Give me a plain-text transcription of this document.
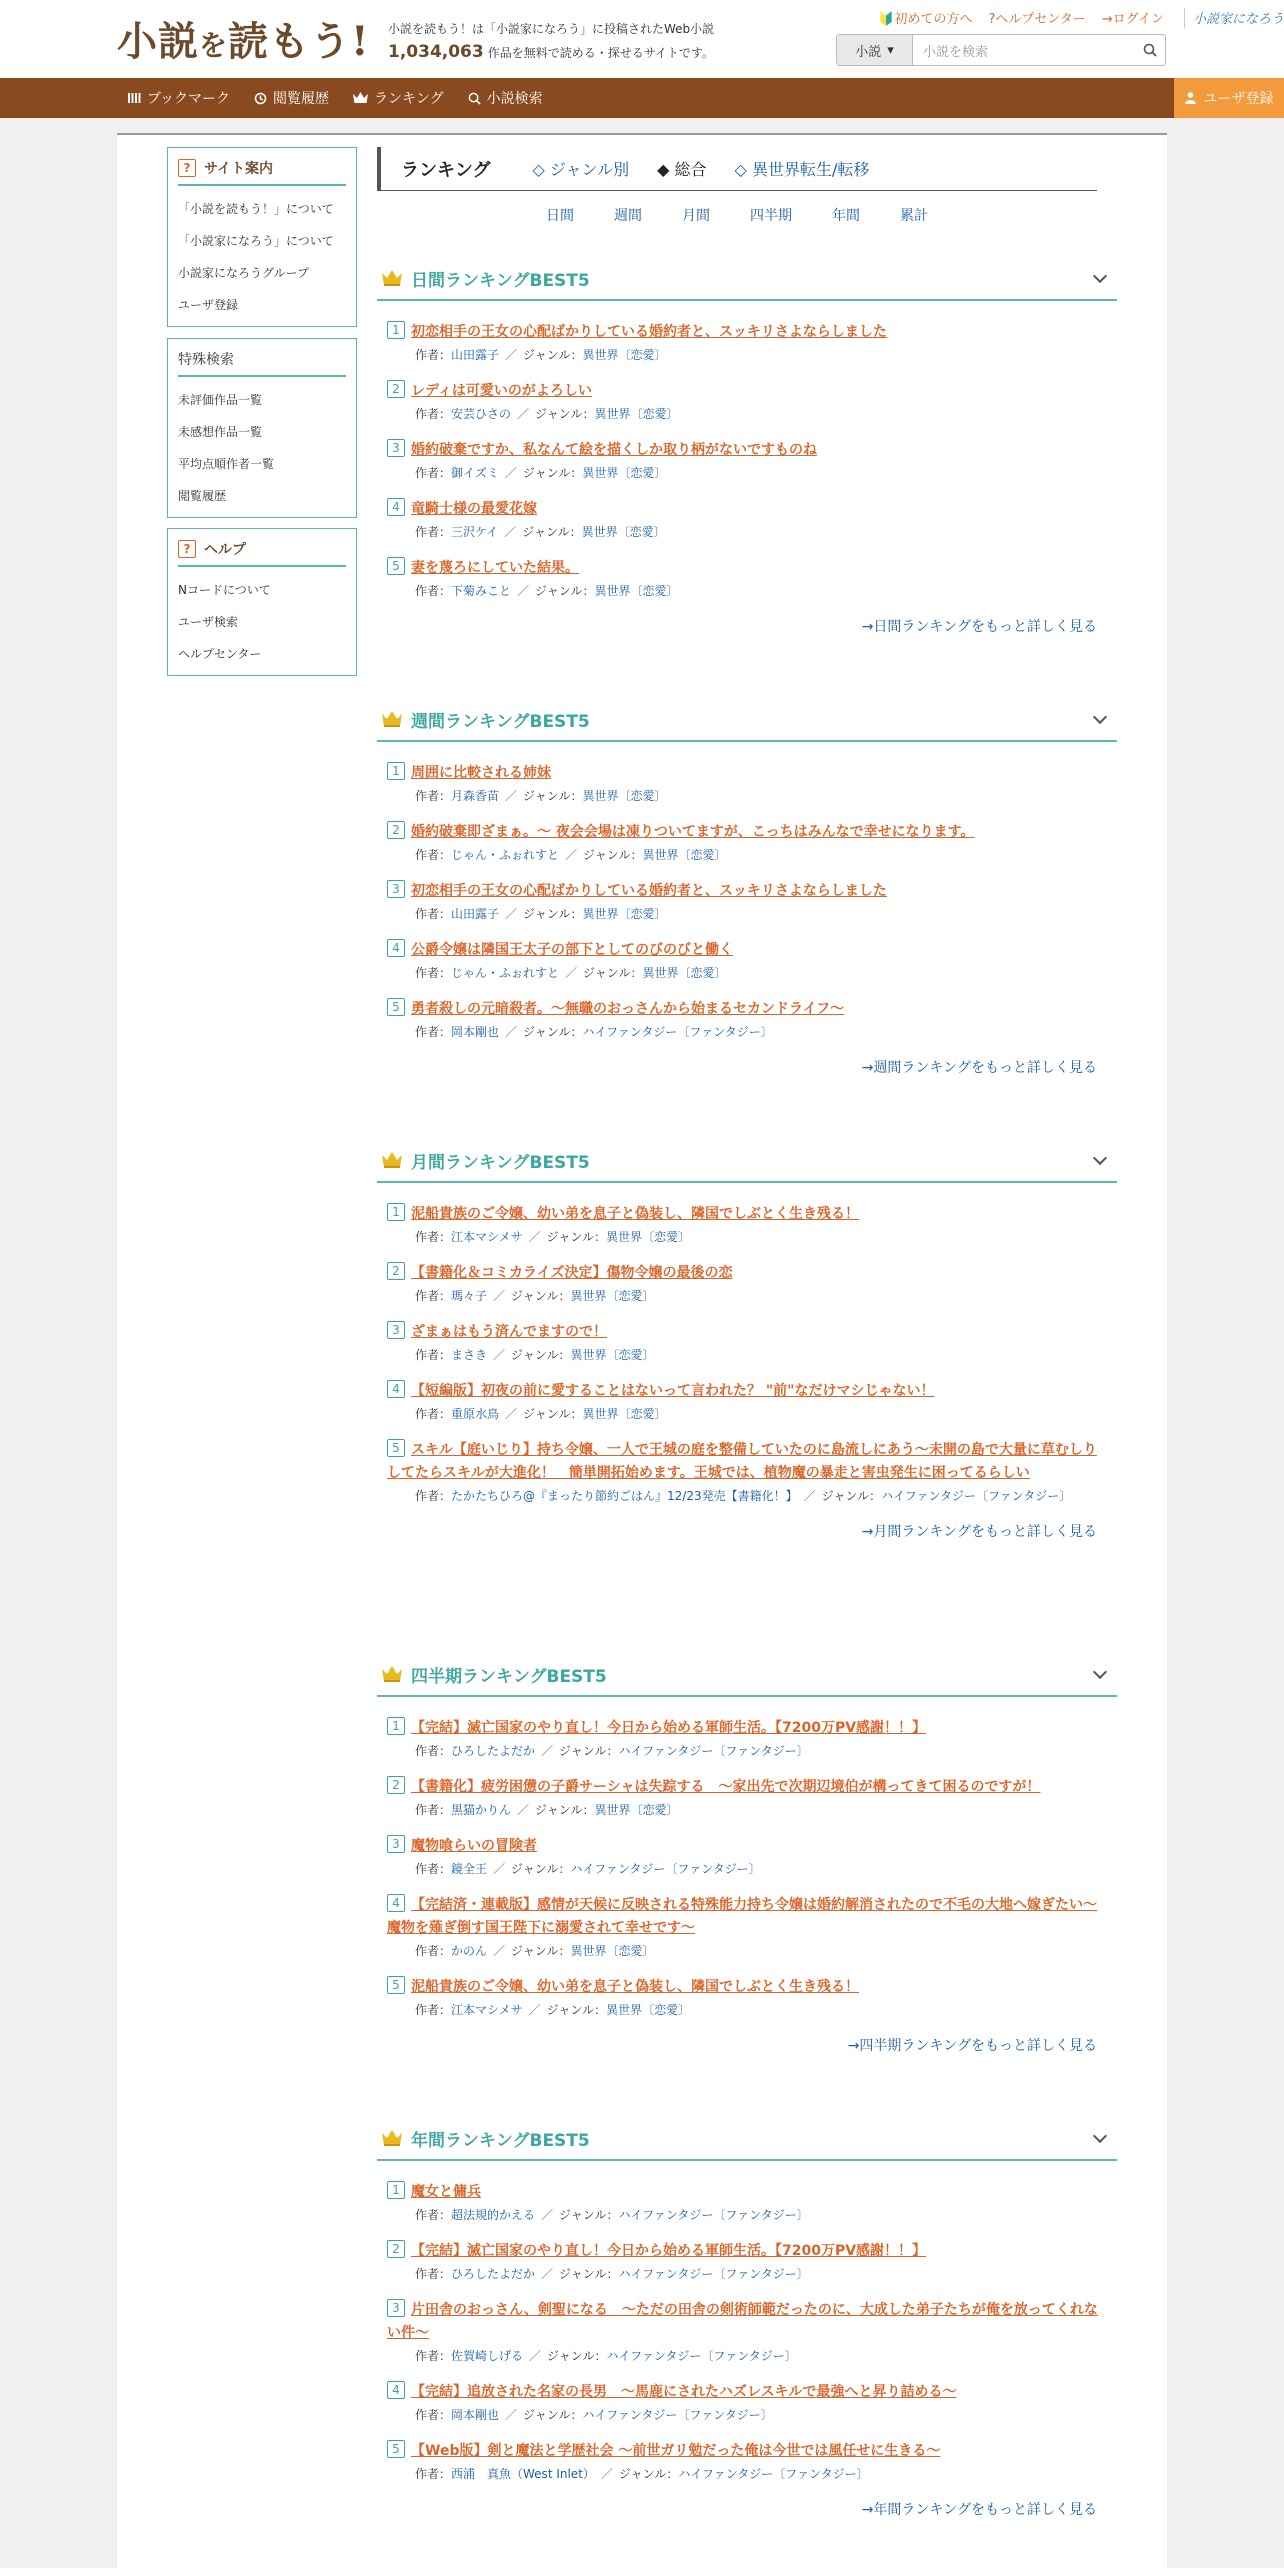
小説を読もう! 小説を読もう！は「小説家になろう」に投稿されたWeb小説
1,034,063 作品を無料で読める・探せるサイトです。
🔰初めての方へ ?ヘルプセンター →ログイン	小説家になろう
小説 ▾	小説を検索
ブックマーク	閲覧履歴	ランキング	小説検索	ユーザ登録
? サイト案内
「小説を読もう！」について
「小説家になろう」について
小説家になろうグループ
ユーザ登録
特殊検索
未評価作品一覧
未感想作品一覧
平均点順作者一覧
閲覧履歴
? ヘルプ
Nコードについて
ユーザ検索
ヘルプセンター
ランキング	◇ ジャンル別 ◆ 総合 ◇ 異世界転生/転移
日間	週間	月間	四半期	年間	累計
日間ランキングBEST5
1 初恋相手の王女の心配ばかりしている婚約者と、スッキリさよならしました
作者：山田露子 ／ ジャンル：異世界〔恋愛〕
2 レディは可愛いのがよろしい
作者：安芸ひさの ／ ジャンル：異世界〔恋愛〕
3 婚約破棄ですか、私なんて絵を描くしか取り柄がないですものね
作者：御イズミ ／ ジャンル：異世界〔恋愛〕
4 竜騎士様の最愛花嫁
作者：三沢ケイ ／ ジャンル：異世界〔恋愛〕
5 妻を蔑ろにしていた結果。
作者：下菊みこと ／ ジャンル：異世界〔恋愛〕
→日間ランキングをもっと詳しく見る
週間ランキングBEST5
1 周囲に比較される姉妹
作者：月森香苗 ／ ジャンル：異世界〔恋愛〕
2 婚約破棄即ざまぁ。〜 夜会会場は凍りついてますが、こっちはみんなで幸せになります。
作者：じゃん・ふぉれすと ／ ジャンル：異世界〔恋愛〕
3 初恋相手の王女の心配ばかりしている婚約者と、スッキリさよならしました
作者：山田露子 ／ ジャンル：異世界〔恋愛〕
4 公爵令嬢は隣国王太子の部下としてのびのびと働く
作者：じゃん・ふぉれすと ／ ジャンル：異世界〔恋愛〕
5 勇者殺しの元暗殺者。〜無職のおっさんから始まるセカンドライフ〜
作者：岡本剛也 ／ ジャンル：ハイファンタジー〔ファンタジー〕
→週間ランキングをもっと詳しく見る
月間ランキングBEST5
1 泥船貴族のご令嬢、幼い弟を息子と偽装し、隣国でしぶとく生き残る！
作者：江本マシメサ ／ ジャンル：異世界〔恋愛〕
2 【書籍化＆コミカライズ決定】傷物令嬢の最後の恋
作者：瑪々子 ／ ジャンル：異世界〔恋愛〕
3 ざまぁはもう済んでますので！
作者：まさき ／ ジャンル：異世界〔恋愛〕
4 【短編版】初夜の前に愛することはないって言われた？ "前"なだけマシじゃない！
作者：重原水鳥 ／ ジャンル：異世界〔恋愛〕
5 スキル【庭いじり】持ち令嬢、一人で王城の庭を整備していたのに島流しにあう〜未開の島で大量に草むしりしてたらスキルが大進化！　簡単開拓始めます。王城では、植物魔の暴走と害虫発生に困ってるらしい
作者：たかたちひろ@『まったり節約ごはん』12/23発売【書籍化！】 ／ ジャンル：ハイファンタジー〔ファンタジー〕
→月間ランキングをもっと詳しく見る
四半期ランキングBEST5
1 【完結】滅亡国家のやり直し！今日から始める軍師生活。【7200万PV感謝！！】
作者：ひろしたよだか ／ ジャンル：ハイファンタジー〔ファンタジー〕
2 【書籍化】疲労困憊の子爵サーシャは失踪する　〜家出先で次期辺境伯が構ってきて困るのですが！
作者：黒猫かりん ／ ジャンル：異世界〔恋愛〕
3 魔物喰らいの冒険者
作者：鏡全王 ／ ジャンル：ハイファンタジー〔ファンタジー〕
4 【完結済・連載版】感情が天候に反映される特殊能力持ち令嬢は婚約解消されたので不毛の大地へ嫁ぎたい〜魔物を薙ぎ倒す国王陛下に溺愛されて幸せです〜
作者：かのん ／ ジャンル：異世界〔恋愛〕
5 泥船貴族のご令嬢、幼い弟を息子と偽装し、隣国でしぶとく生き残る！
作者：江本マシメサ ／ ジャンル：異世界〔恋愛〕
→四半期ランキングをもっと詳しく見る
年間ランキングBEST5
1 魔女と傭兵
作者：超法規的かえる ／ ジャンル：ハイファンタジー〔ファンタジー〕
2 【完結】滅亡国家のやり直し！今日から始める軍師生活。【7200万PV感謝！！】
作者：ひろしたよだか ／ ジャンル：ハイファンタジー〔ファンタジー〕
3 片田舎のおっさん、剣聖になる　〜ただの田舎の剣術師範だったのに、大成した弟子たちが俺を放ってくれない件〜
作者：佐賀崎しげる ／ ジャンル：ハイファンタジー〔ファンタジー〕
4 【完結】追放された名家の長男　〜馬鹿にされたハズレスキルで最強へと昇り詰める〜
作者：岡本剛也 ／ ジャンル：ハイファンタジー〔ファンタジー〕
5 【Web版】剣と魔法と学歴社会 〜前世ガリ勉だった俺は今世では風任せに生きる〜
作者：西浦　真魚（West Inlet） ／ ジャンル：ハイファンタジー〔ファンタジー〕
→年間ランキングをもっと詳しく見る
